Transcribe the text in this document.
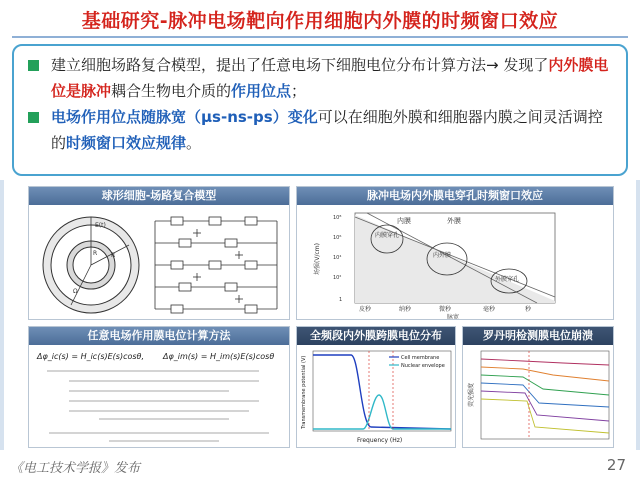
基础研究-脉冲电场靶向作用细胞内外膜的时频窗口效应
建立细胞场路复合模型，提出了任意电场下细胞电位分布计算方法→ 发现了内外膜电位是脉冲耦合生物电介质的作用位点；
电场作用位点随脉宽（μs-ns-ps）变化可以在细胞外膜和细胞器内膜之间灵活调控的时频窗口效应规律。
球形细胞-场路复合模型
E(t)
R R
Ω
脉冲电场内外膜电穿孔时频窗口效应
内膜	外膜
内膜穿孔
内外膜
外膜穿孔
10⁸
10⁶
10⁴
10²
1
场强(V/cm)
皮秒	纳秒	微秒	毫秒	秒
脉宽
任意电场作用膜电位计算方法
Δφ_ic(s) = H_ic(s)E(s)cosθ, Δφ_im(s) = H_im(s)E(s)cosθ
全频段内外膜跨膜电位分布
Cell membrane
Nuclear envelope
Frequency (Hz)
Transmembrane potential (V)
罗丹明检测膜电位崩溃
荧光强度
《电工技术学报》发布	27
